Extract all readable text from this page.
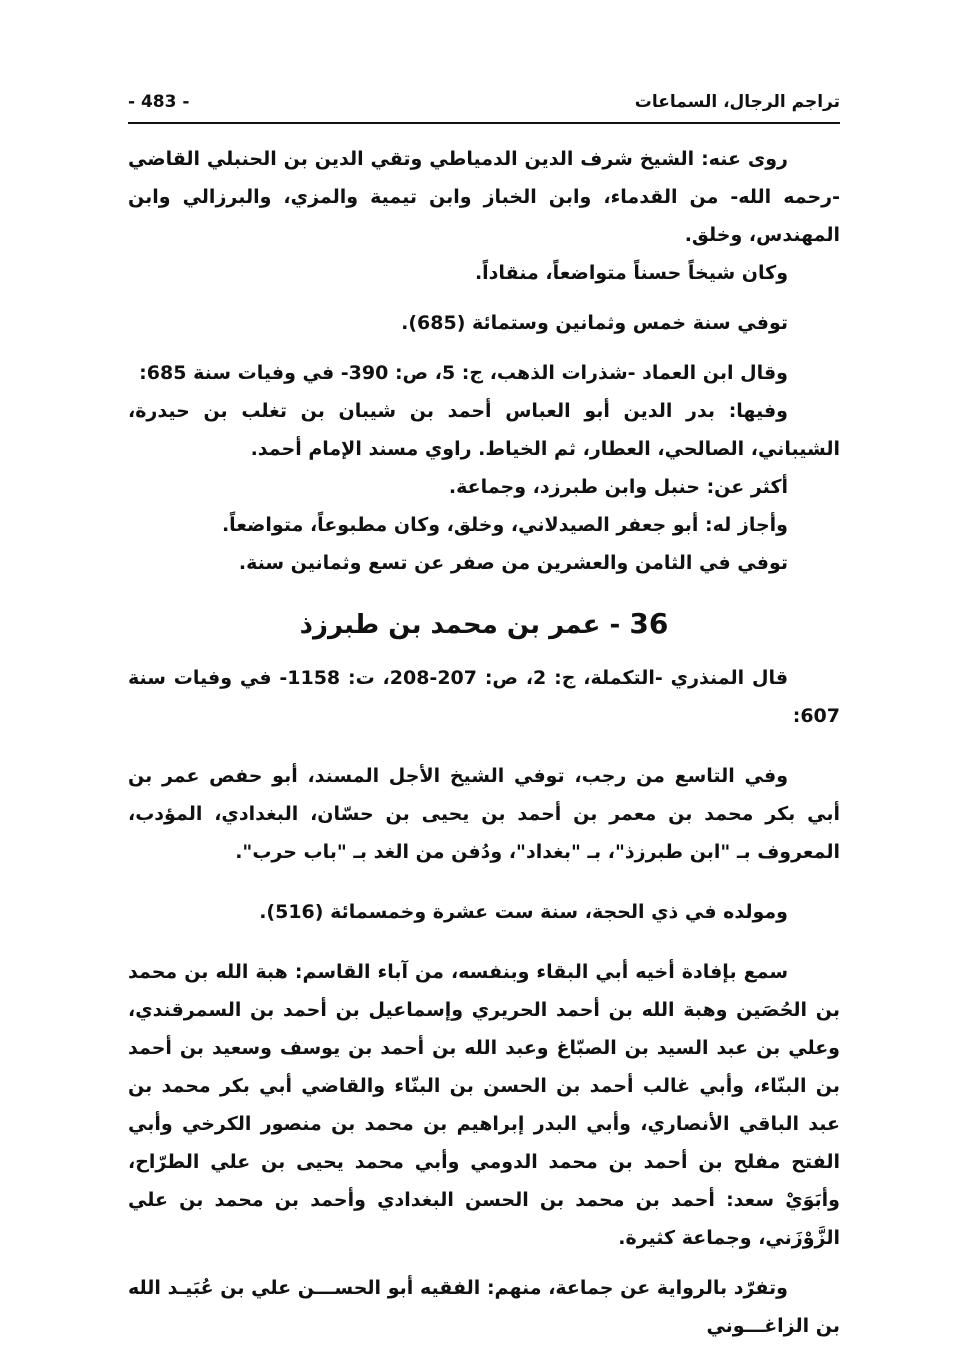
تراجم الرجال، السماعات
- 483 -

روى عنه: الشيخ شرف الدين الدمياطي وتقي الدين بن الحنبلي القاضي -رحمه الله- من القدماء، وابن الخباز وابن تيمية والمزي، والبرزالي وابن المهندس، وخلق.

وكان شيخاً حسناً متواضعاً، منقاداً.

توفي سنة خمس وثمانين وستمائة (685).

وقال ابن العماد -شذرات الذهب، ج: 5، ص: 390- في وفيات سنة 685:

وفيها: بدر الدين أبو العباس أحمد بن شيبان بن تغلب بن حيدرة، الشيباني، الصالحي، العطار، ثم الخياط. راوي مسند الإمام أحمد.

أكثر عن: حنبل وابن طبرزد، وجماعة.

وأجاز له: أبو جعفر الصيدلاني، وخلق، وكان مطبوعاً، متواضعاً.

توفي في الثامن والعشرين من صفر عن تسع وثمانين سنة.

36 - عمر بن محمد بن طبرزذ

قال المنذري -التكملة، ج: 2، ص: 207-208، ت: 1158- في وفيات سنة 607:

وفي التاسع من رجب، توفي الشيخ الأجل المسند، أبو حفص عمر بن أبي بكر محمد بن معمر بن أحمد بن يحيى بن حسّان، البغدادي، المؤدب، المعروف بـ "ابن طبرزذ"، بـ "بغداد"، ودُفن من الغد بـ "باب حرب".

ومولده في ذي الحجة، سنة ست عشرة وخمسمائة (516).

سمع بإفادة أخيه أبي البقاء وبنفسه، من آباء القاسم: هبة الله بن محمد بن الحُصَين وهبة الله بن أحمد الحريري وإسماعيل بن أحمد بن السمرقندي، وعلي بن عبد السيد بن الصبّاغ وعبد الله بن أحمد بن يوسف وسعيد بن أحمد بن البنّاء، وأبي غالب أحمد بن الحسن بن البنّاء والقاضي أبي بكر محمد بن عبد الباقي الأنصاري، وأبي البدر إبراهيم بن محمد بن منصور الكرخي وأبي الفتح مفلح بن أحمد بن محمد الدومي وأبي محمد يحيى بن علي الطرّاح، وأبَوَيْ سعد: أحمد بن محمد بن الحسن البغدادي وأحمد بن محمد بن علي الزَّوْزَني، وجماعة كثيرة.

وتفرّد بالرواية عن جماعة، منهم: الفقيه أبو الحســـن علي بن عُبَيـد الله بن الزاغـــوني
